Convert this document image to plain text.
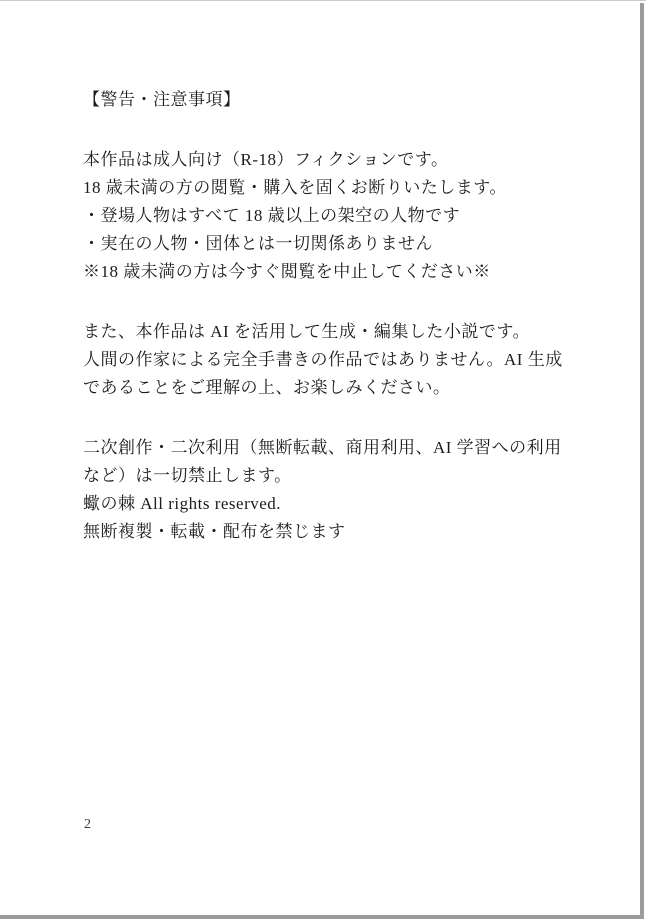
【警告・注意事項】
本作品は成人向け（R-18）フィクションです。
18 歳未満の方の閲覧・購入を固くお断りいたします。
・登場人物はすべて 18 歳以上の架空の人物です
・実在の人物・団体とは一切関係ありません
※18 歳未満の方は今すぐ閲覧を中止してください※
また、本作品は AI を活用して生成・編集した小説です。
人間の作家による完全手書きの作品ではありません。AI 生成
であることをご理解の上、お楽しみください。
二次創作・二次利用（無断転載、商用利用、AI 学習への利用
など）は一切禁止します。
蠍の棘 All rights reserved.
無断複製・転載・配布を禁じます
2
